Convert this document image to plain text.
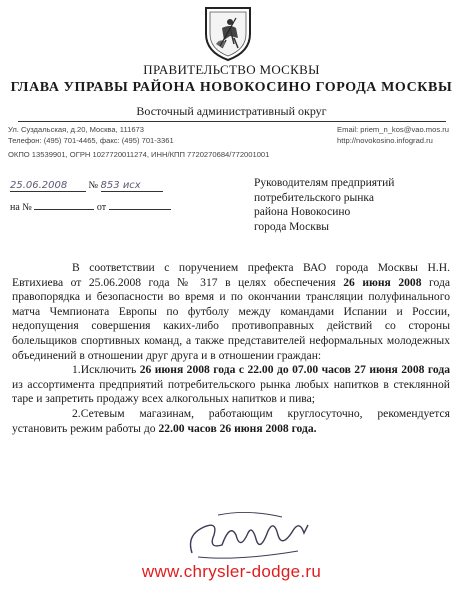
ПРАВИТЕЛЬСТВО МОСКВЫ
ГЛАВА УПРАВЫ РАЙОНА НОВОКОСИНО ГОРОДА МОСКВЫ
Восточный административный округ
Ул. Суздальская, д.20, Москва, 111673
Телефон: (495) 701-4465, факс: (495) 701-3361
Email: priem_n_kos@vao.mos.ru
http://novokosino.infograd.ru
ОКПО 13539901, ОГРН 1027720011274, ИНН/КПП 7720270684/772001001
25.06.2008 № 853 исх
на №	от
Руководителям предприятий
потребительского рынка
района Новокосино
города Москвы

В соответствии с поручением префекта ВАО города Москвы Н.Н. Евтихиева от 25.06.2008 года № 317 в целях обеспечения 26 июня 2008 года правопорядка и безопасности во время и по окончании трансляции полуфинального матча Чемпионата Европы по футболу между командами Испании и России, недопущения совершения каких-либо противоправных действий со стороны болельщиков спортивных команд, а также представителей неформальных молодежных объединений в отношении друг друга и в отношении граждан:

1.Исключить 26 июня 2008 года с 22.00 до 07.00 часов 27 июня 2008 года из ассортимента предприятий потребительского рынка любых напитков в стеклянной таре и запретить продажу всех алкогольных напитков и пива;

2.Сетевым магазинам, работающим круглосуточно, рекомендуется установить режим работы до 22.00 часов 26 июня 2008 года.

www.chrysler-dodge.ru
